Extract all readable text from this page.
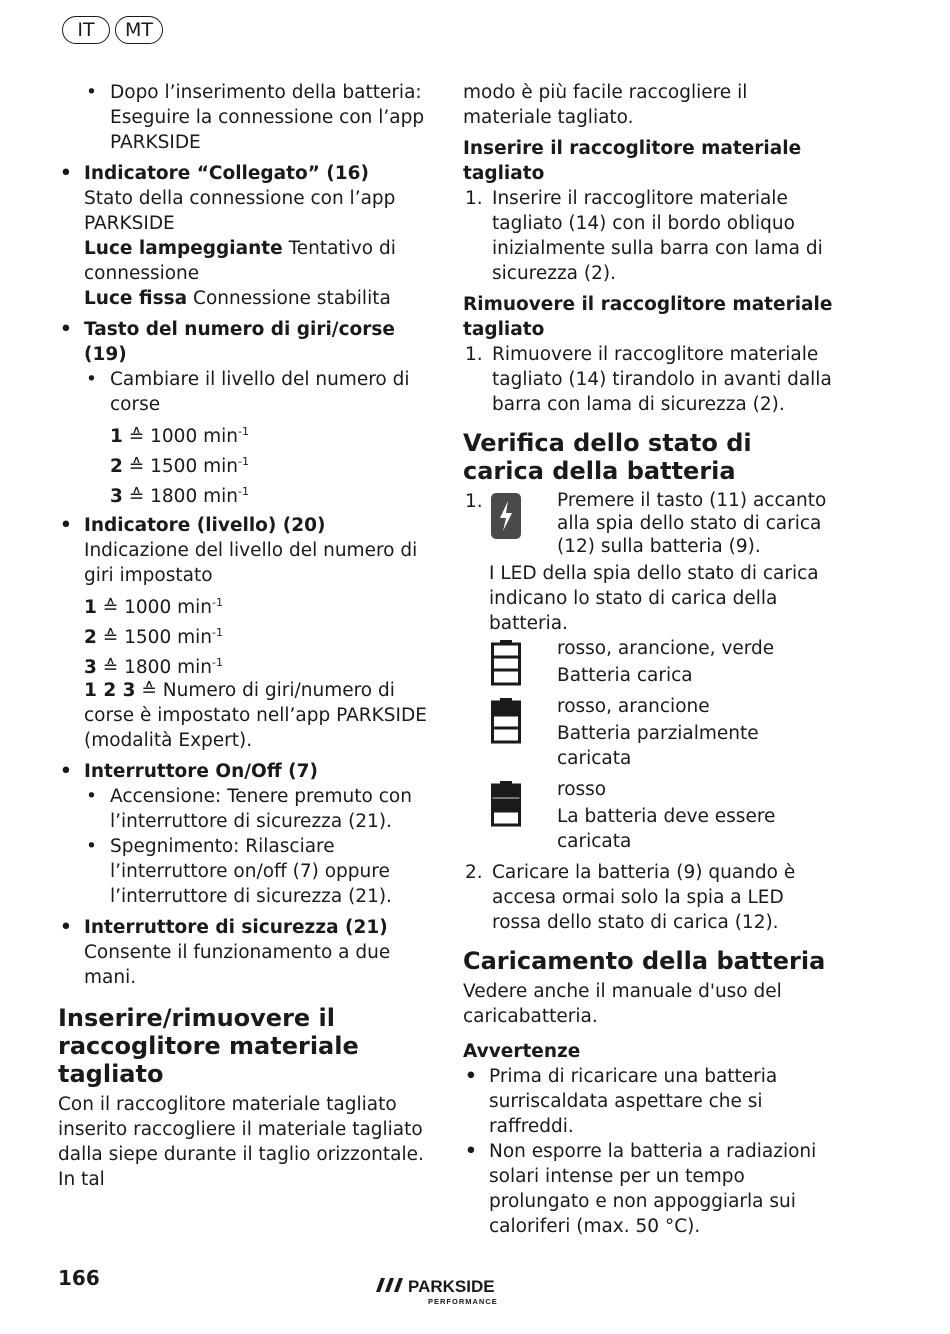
IT	MT
• Dopo l’inserimento della batteria: Eseguire la connessione con l’app PARKSIDE
• Indicatore “Collegato” (16)
Stato della connessione con l’app PARKSIDE
Luce lampeggiante Tentativo di connessione
Luce fissa Connessione stabilita
• Tasto del numero di giri/corse (19)
• Cambiare il livello del numero di corse
1 ≙ 1000 $\min^{-1}$
2 ≙ 1500 $\min^{-1}$
3 ≙ 1800 $\min^{-1}$
• Indicatore (livello) (20)
Indicazione del livello del numero di giri impostato
1 ≙ 1000 $\min^{-1}$
2 ≙ 1500 $\min^{-1}$
3 ≙ 1800 $\min^{-1}$
1 2 3 ≙ Numero di giri/numero di corse è impostato nell’app PARKSIDE (modalità Expert).
• Interruttore On/Off (7)
• Accensione: Tenere premuto con l’interruttore di sicurezza (21).
• Spegnimento: Rilasciare l’interruttore on/off (7) oppure l’interruttore di sicurezza (21).
• Interruttore di sicurezza (21)
Consente il funzionamento a due mani.
Inserire/rimuovere il raccoglitore materiale tagliato
Con il raccoglitore materiale tagliato inserito raccogliere il materiale tagliato dalla siepe durante il taglio orizzontale. In tal
modo è più facile raccogliere il materiale tagliato.
Inserire il raccoglitore materiale tagliato
1. Inserire il raccoglitore materiale tagliato (14) con il bordo obliquo inizialmente sulla barra con lama di sicurezza (2).
Rimuovere il raccoglitore materiale tagliato
1. Rimuovere il raccoglitore materiale tagliato (14) tirandolo in avanti dalla barra con lama di sicurezza (2).
Verifica dello stato di carica della batteria
1.	Premere il tasto (11) accanto alla spia dello stato di carica (12) sulla batteria (9).
I LED della spia dello stato di carica indicano lo stato di carica della batteria.
rosso, arancione, verde
Batteria carica
rosso, arancione
Batteria parzialmente caricata
rosso
La batteria deve essere caricata
2. Caricare la batteria (9) quando è accesa ormai solo la spia a LED rossa dello stato di carica (12).
Caricamento della batteria
Vedere anche il manuale d'uso del caricabatteria.
Avvertenze
• Prima di ricaricare una batteria surriscaldata aspettare che si raffreddi.
• Non esporre la batteria a radiazioni solari intense per un tempo prolungato e non appoggiarla sui caloriferi (max. 50 °C).
166	PARKSIDE
PERFORMANCE
